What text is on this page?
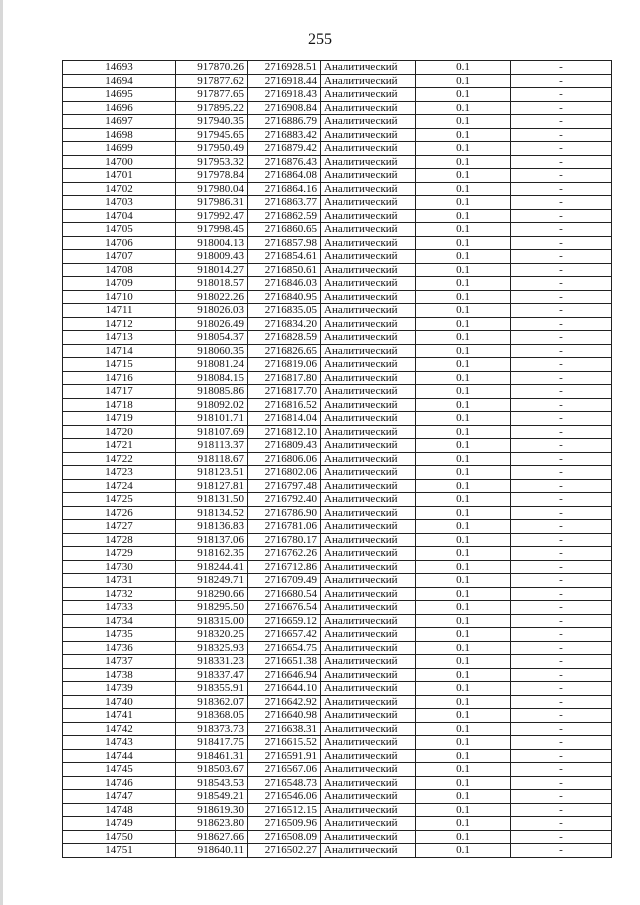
255
14693	917870.26	2716928.51	Аналитический	0.1	-
14694	917877.62	2716918.44	Аналитический	0.1	-
14695	917877.65	2716918.43	Аналитический	0.1	-
14696	917895.22	2716908.84	Аналитический	0.1	-
14697	917940.35	2716886.79	Аналитический	0.1	-
14698	917945.65	2716883.42	Аналитический	0.1	-
14699	917950.49	2716879.42	Аналитический	0.1	-
14700	917953.32	2716876.43	Аналитический	0.1	-
14701	917978.84	2716864.08	Аналитический	0.1	-
14702	917980.04	2716864.16	Аналитический	0.1	-
14703	917986.31	2716863.77	Аналитический	0.1	-
14704	917992.47	2716862.59	Аналитический	0.1	-
14705	917998.45	2716860.65	Аналитический	0.1	-
14706	918004.13	2716857.98	Аналитический	0.1	-
14707	918009.43	2716854.61	Аналитический	0.1	-
14708	918014.27	2716850.61	Аналитический	0.1	-
14709	918018.57	2716846.03	Аналитический	0.1	-
14710	918022.26	2716840.95	Аналитический	0.1	-
14711	918026.03	2716835.05	Аналитический	0.1	-
14712	918026.49	2716834.20	Аналитический	0.1	-
14713	918054.37	2716828.59	Аналитический	0.1	-
14714	918060.35	2716826.65	Аналитический	0.1	-
14715	918081.24	2716819.06	Аналитический	0.1	-
14716	918084.15	2716817.80	Аналитический	0.1	-
14717	918085.86	2716817.70	Аналитический	0.1	-
14718	918092.02	2716816.52	Аналитический	0.1	-
14719	918101.71	2716814.04	Аналитический	0.1	-
14720	918107.69	2716812.10	Аналитический	0.1	-
14721	918113.37	2716809.43	Аналитический	0.1	-
14722	918118.67	2716806.06	Аналитический	0.1	-
14723	918123.51	2716802.06	Аналитический	0.1	-
14724	918127.81	2716797.48	Аналитический	0.1	-
14725	918131.50	2716792.40	Аналитический	0.1	-
14726	918134.52	2716786.90	Аналитический	0.1	-
14727	918136.83	2716781.06	Аналитический	0.1	-
14728	918137.06	2716780.17	Аналитический	0.1	-
14729	918162.35	2716762.26	Аналитический	0.1	-
14730	918244.41	2716712.86	Аналитический	0.1	-
14731	918249.71	2716709.49	Аналитический	0.1	-
14732	918290.66	2716680.54	Аналитический	0.1	-
14733	918295.50	2716676.54	Аналитический	0.1	-
14734	918315.00	2716659.12	Аналитический	0.1	-
14735	918320.25	2716657.42	Аналитический	0.1	-
14736	918325.93	2716654.75	Аналитический	0.1	-
14737	918331.23	2716651.38	Аналитический	0.1	-
14738	918337.47	2716646.94	Аналитический	0.1	-
14739	918355.91	2716644.10	Аналитический	0.1	-
14740	918362.07	2716642.92	Аналитический	0.1	-
14741	918368.05	2716640.98	Аналитический	0.1	-
14742	918373.73	2716638.31	Аналитический	0.1	-
14743	918417.75	2716615.52	Аналитический	0.1	-
14744	918461.31	2716591.91	Аналитический	0.1	-
14745	918503.67	2716567.06	Аналитический	0.1	-
14746	918543.53	2716548.73	Аналитический	0.1	-
14747	918549.21	2716546.06	Аналитический	0.1	-
14748	918619.30	2716512.15	Аналитический	0.1	-
14749	918623.80	2716509.96	Аналитический	0.1	-
14750	918627.66	2716508.09	Аналитический	0.1	-
14751	918640.11	2716502.27	Аналитический	0.1	-
